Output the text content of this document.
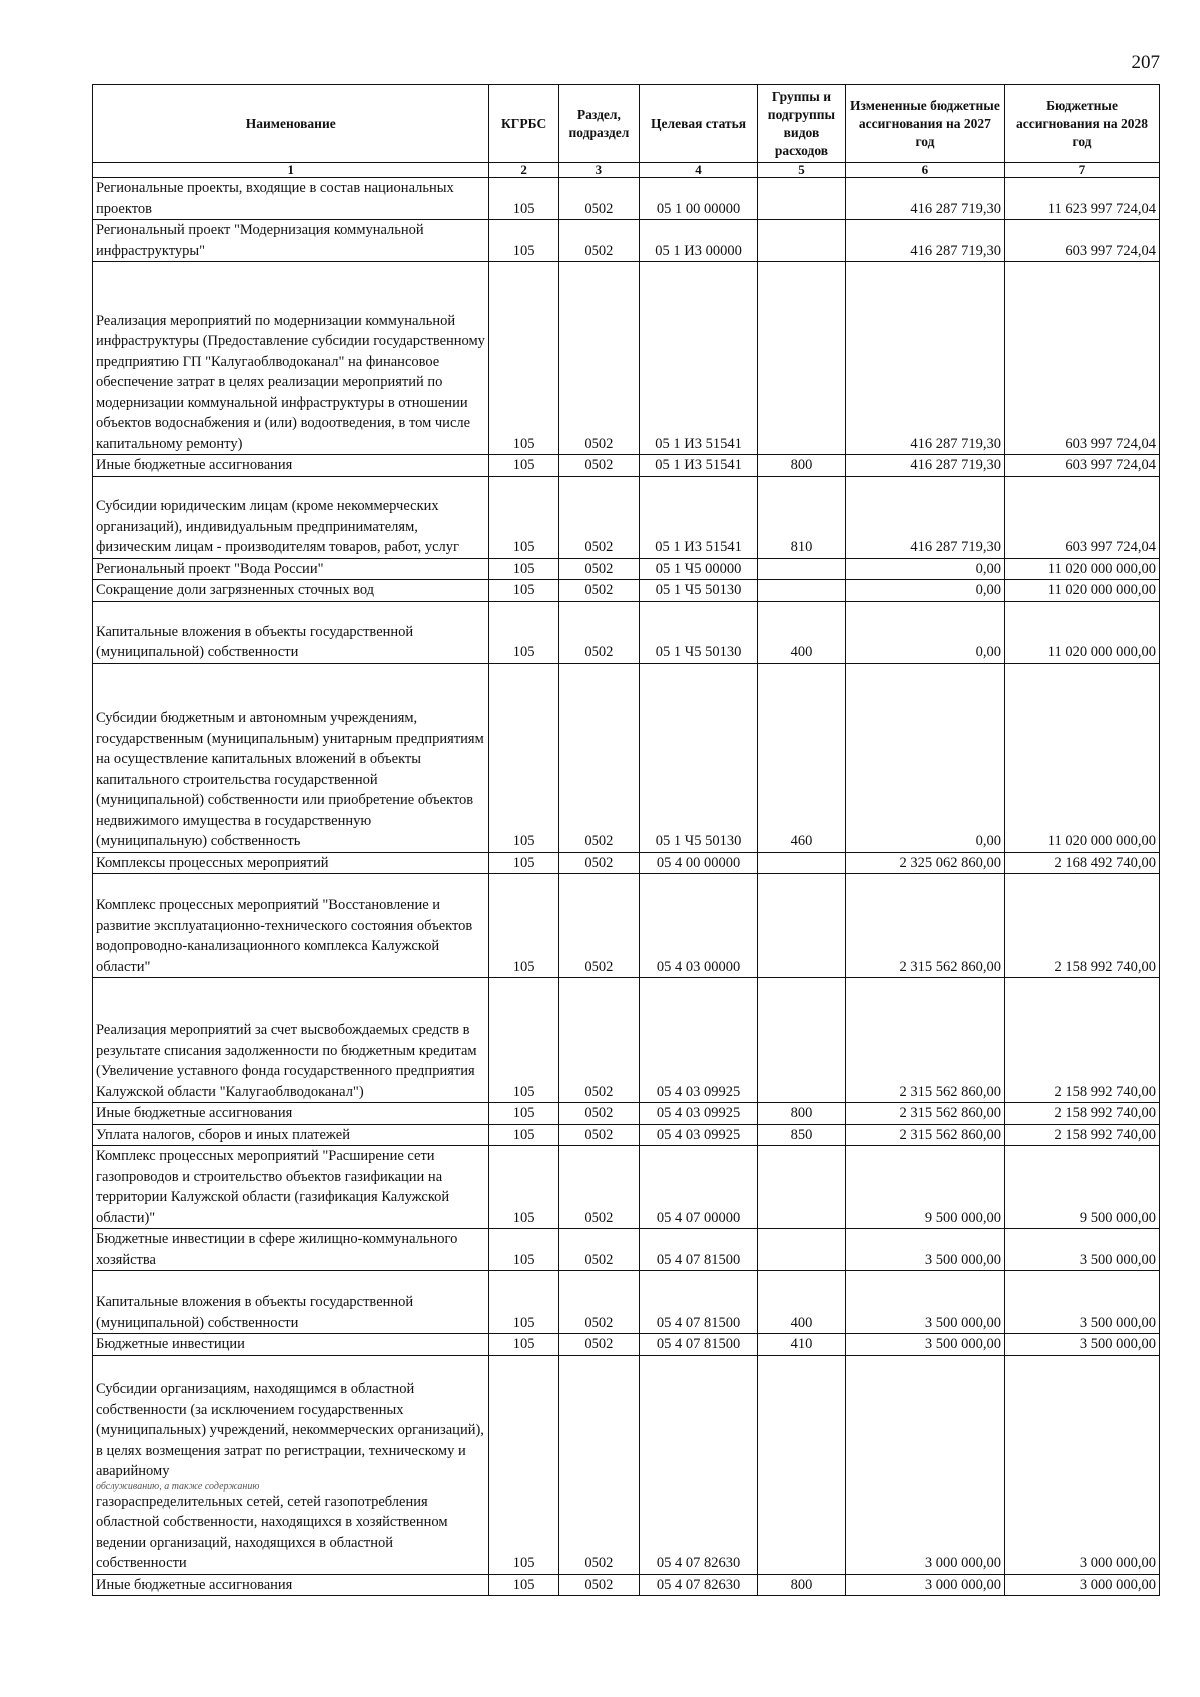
207
Наименование	КГРБС	Раздел, подраздел	Целевая статья	Группы и подгруппы видов расходов	Измененные бюджетные ассигнования на 2027 год	Бюджетные ассигнования на 2028 год
1	2	3	4	5	6	7
Региональные проекты, входящие в состав национальных проектов	105	0502	05 1 00 00000		416 287 719,30	11 623 997 724,04
Региональный проект "Модернизация коммунальной инфраструктуры"	105	0502	05 1 И3 00000		416 287 719,30	603 997 724,04
Реализация мероприятий по модернизации коммунальной инфраструктуры (Предоставление субсидии государственному предприятию ГП "Калугаоблводоканал" на финансовое обеспечение затрат в целях реализации мероприятий по модернизации коммунальной инфраструктуры в отношении объектов водоснабжения и (или) водоотведения, в том числе капитальному ремонту)	105	0502	05 1 И3 51541		416 287 719,30	603 997 724,04
Иные бюджетные ассигнования	105	0502	05 1 И3 51541	800	416 287 719,30	603 997 724,04
Субсидии юридическим лицам (кроме некоммерческих организаций), индивидуальным предпринимателям, физическим лицам - производителям товаров, работ, услуг	105	0502	05 1 И3 51541	810	416 287 719,30	603 997 724,04
Региональный проект "Вода России"	105	0502	05 1 Ч5 00000		0,00	11 020 000 000,00
Сокращение доли загрязненных сточных вод	105	0502	05 1 Ч5 50130		0,00	11 020 000 000,00
Капитальные вложения в объекты государственной (муниципальной) собственности	105	0502	05 1 Ч5 50130	400	0,00	11 020 000 000,00
Субсидии бюджетным и автономным учреждениям, государственным (муниципальным) унитарным предприятиям на осуществление капитальных вложений в объекты капитального строительства государственной (муниципальной) собственности или приобретение объектов недвижимого имущества в государственную (муниципальную) собственность	105	0502	05 1 Ч5 50130	460	0,00	11 020 000 000,00
Комплексы процессных мероприятий	105	0502	05 4 00 00000		2 325 062 860,00	2 168 492 740,00
Комплекс процессных мероприятий "Восстановление и развитие эксплуатационно-технического состояния объектов водопроводно-канализационного комплекса Калужской области"	105	0502	05 4 03 00000		2 315 562 860,00	2 158 992 740,00
Реализация мероприятий за счет высвобождаемых средств в результате списания задолженности по бюджетным кредитам (Увеличение уставного фонда государственного предприятия Калужской области "Калугаоблводоканал")	105	0502	05 4 03 09925		2 315 562 860,00	2 158 992 740,00
Иные бюджетные ассигнования	105	0502	05 4 03 09925	800	2 315 562 860,00	2 158 992 740,00
Уплата налогов, сборов и иных платежей	105	0502	05 4 03 09925	850	2 315 562 860,00	2 158 992 740,00
Комплекс процессных мероприятий "Расширение сети газопроводов и строительство объектов газификации на территории Калужской области (газификация Калужской области)"	105	0502	05 4 07 00000		9 500 000,00	9 500 000,00
Бюджетные инвестиции в сфере жилищно-коммунального хозяйства	105	0502	05 4 07 81500		3 500 000,00	3 500 000,00
Капитальные вложения в объекты государственной (муниципальной) собственности	105	0502	05 4 07 81500	400	3 500 000,00	3 500 000,00
Бюджетные инвестиции	105	0502	05 4 07 81500	410	3 500 000,00	3 500 000,00
Субсидии организациям, находящимся в областной собственности (за исключением государственных (муниципальных) учреждений, некоммерческих организаций), в целях возмещения затрат по регистрации, техническому и аварийному
обслуживанию, а также содержанию
газораспределительных сетей, сетей газопотребления областной собственности, находящихся в хозяйственном ведении организаций, находящихся в областной собственности	105	0502	05 4 07 82630		3 000 000,00	3 000 000,00
Иные бюджетные ассигнования	105	0502	05 4 07 82630	800	3 000 000,00	3 000 000,00
